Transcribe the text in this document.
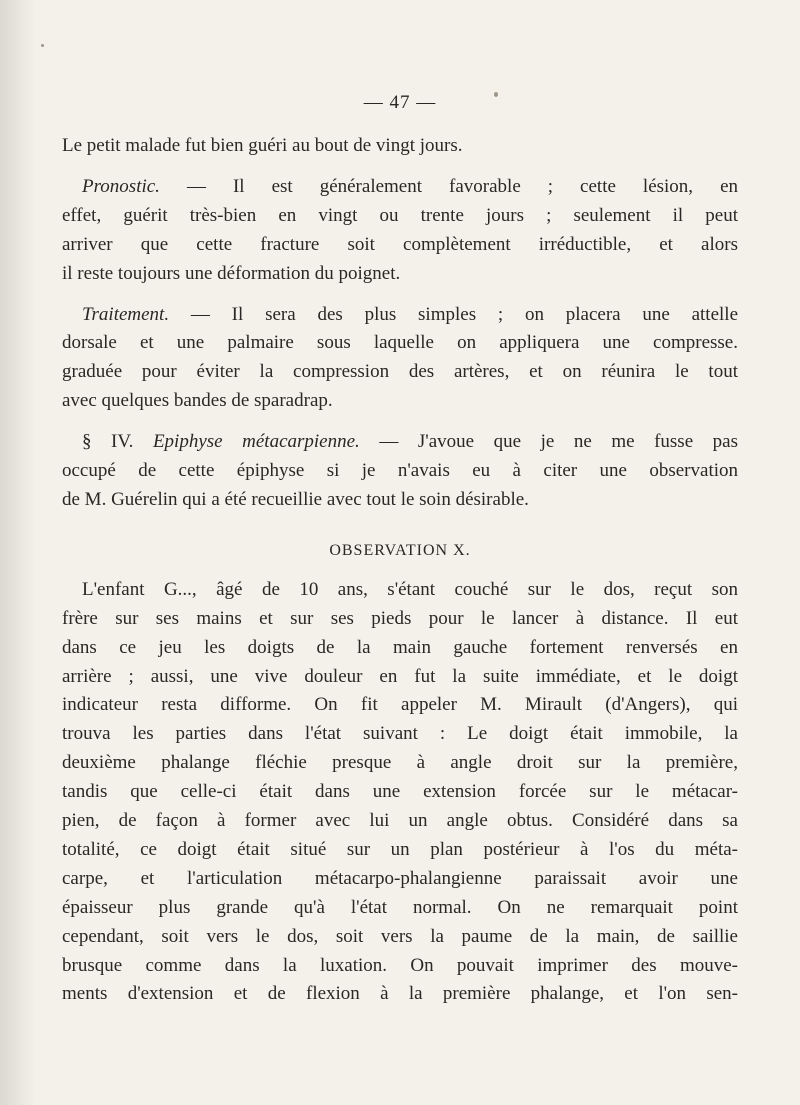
— 47 —

Le petit malade fut bien guéri au bout de vingt jours.

Pronostic. — Il est généralement favorable ; cette lésion, en
effet, guérit très-bien en vingt ou trente jours ; seulement il peut
arriver que cette fracture soit complètement irréductible, et alors
il reste toujours une déformation du poignet.

Traitement. — Il sera des plus simples ; on placera une attelle
dorsale et une palmaire sous laquelle on appliquera une compresse.
graduée pour éviter la compression des artères, et on réunira le tout
avec quelques bandes de sparadrap.

§ IV. Epiphyse métacarpienne. — J'avoue que je ne me fusse pas
occupé de cette épiphyse si je n'avais eu à citer une observation
de M. Guérelin qui a été recueillie avec tout le soin désirable.

OBSERVATION X.

L'enfant G..., âgé de 10 ans, s'étant couché sur le dos, reçut son
frère sur ses mains et sur ses pieds pour le lancer à distance. Il eut
dans ce jeu les doigts de la main gauche fortement renversés en
arrière ; aussi, une vive douleur en fut la suite immédiate, et le doigt
indicateur resta difforme. On fit appeler M. Mirault (d'Angers), qui
trouva les parties dans l'état suivant : Le doigt était immobile, la
deuxième phalange fléchie presque à angle droit sur la première,
tandis que celle-ci était dans une extension forcée sur le métacar-
pien, de façon à former avec lui un angle obtus. Considéré dans sa
totalité, ce doigt était situé sur un plan postérieur à l'os du méta-
carpe, et l'articulation métacarpo-phalangienne paraissait avoir une
épaisseur plus grande qu'à l'état normal. On ne remarquait point
cependant, soit vers le dos, soit vers la paume de la main, de saillie
brusque comme dans la luxation. On pouvait imprimer des mouve-
ments d'extension et de flexion à la première phalange, et l'on sen-
